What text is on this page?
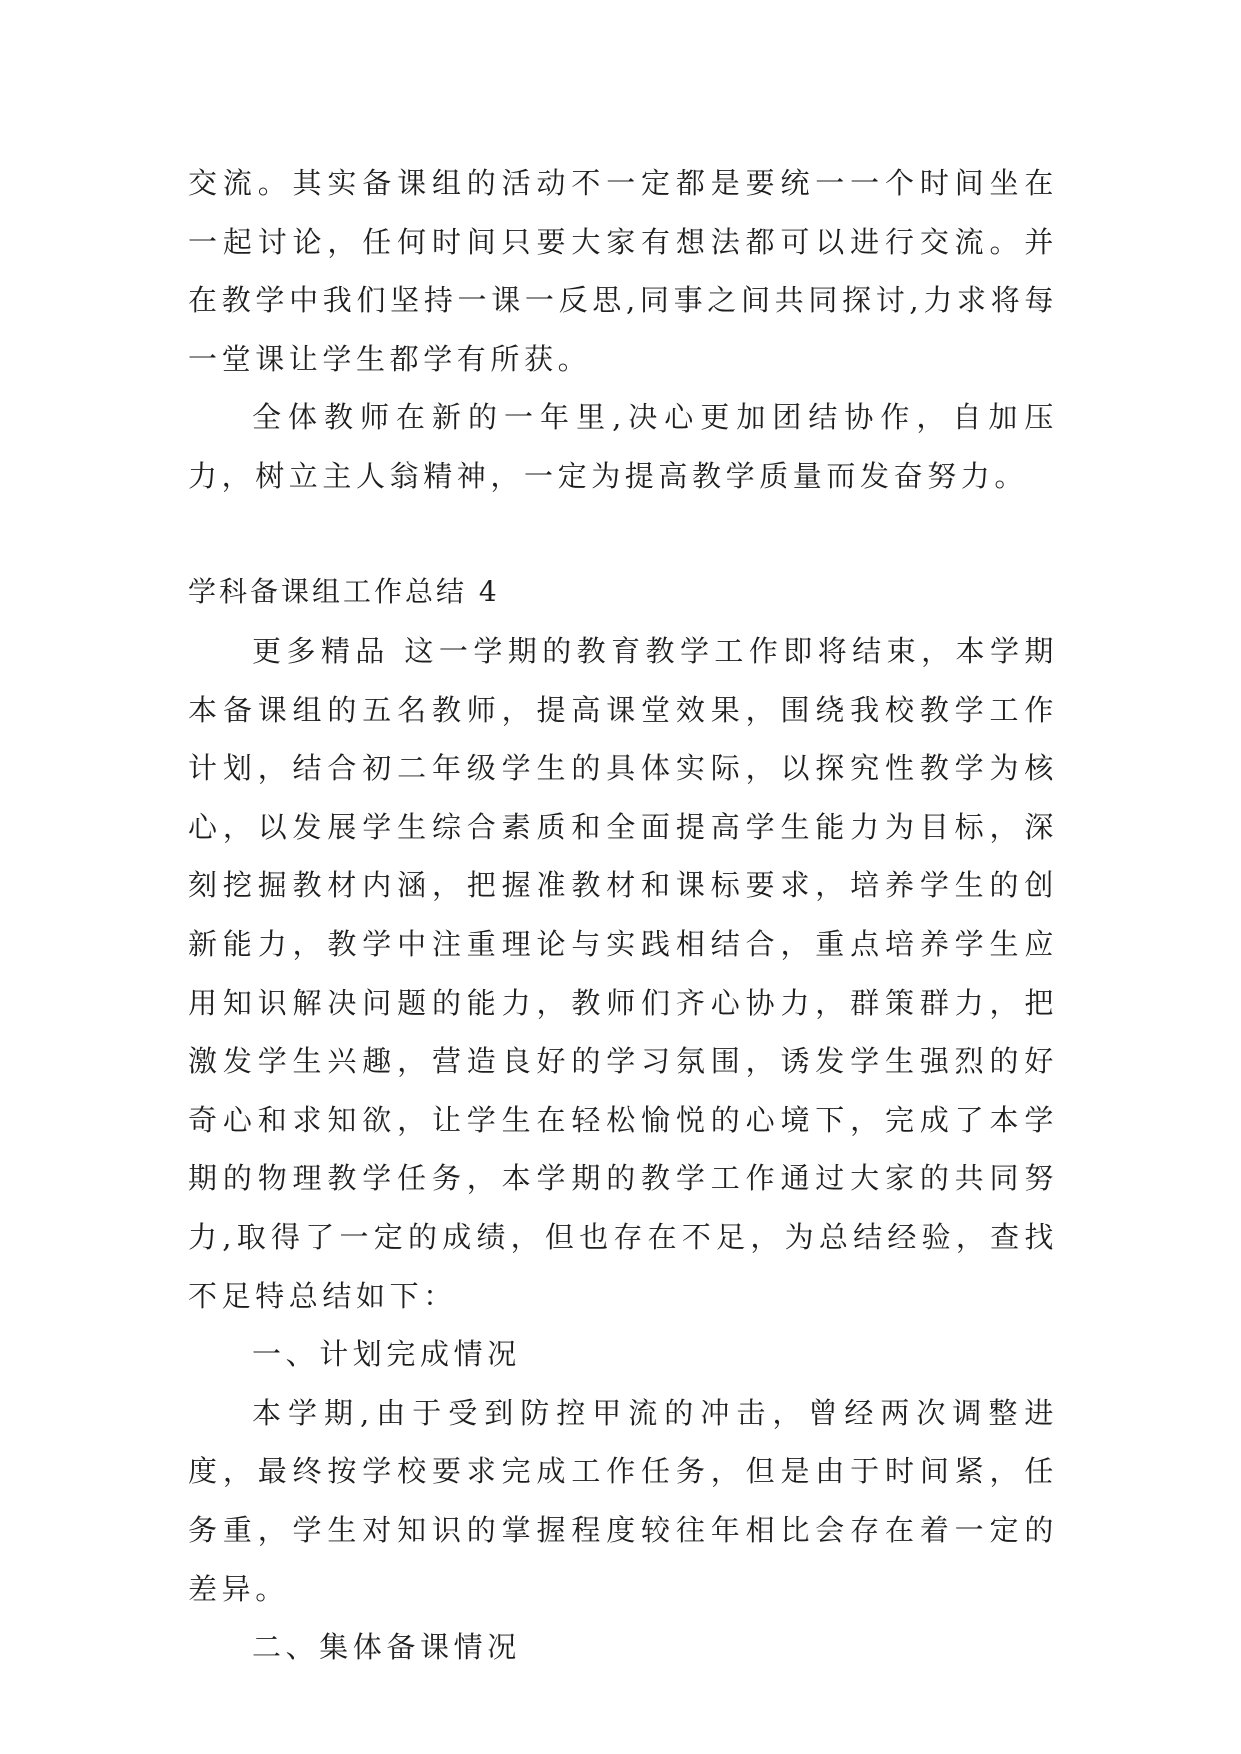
交流。其实备课组的活动不一定都是要统一一个时间坐在一起讨论，任何时间只要大家有想法都可以进行交流。并在教学中我们坚持一课一反思,同事之间共同探讨,力求将每一堂课让学生都学有所获。

全体教师在新的一年里,决心更加团结协作，自加压力，树立主人翁精神，一定为提高教学质量而发奋努力。

学科备课组工作总结 4

更多精品 这一学期的教育教学工作即将结束，本学期本备课组的五名教师，提高课堂效果，围绕我校教学工作计划，结合初二年级学生的具体实际，以探究性教学为核心，以发展学生综合素质和全面提高学生能力为目标，深刻挖掘教材内涵，把握准教材和课标要求，培养学生的创新能力，教学中注重理论与实践相结合，重点培养学生应用知识解决问题的能力，教师们齐心协力，群策群力，把激发学生兴趣，营造良好的学习氛围，诱发学生强烈的好奇心和求知欲，让学生在轻松愉悦的心境下，完成了本学期的物理教学任务，本学期的教学工作通过大家的共同努力,取得了一定的成绩，但也存在不足，为总结经验，查找不足特总结如下：

一、计划完成情况

本学期,由于受到防控甲流的冲击，曾经两次调整进度，最终按学校要求完成工作任务，但是由于时间紧，任务重，学生对知识的掌握程度较往年相比会存在着一定的差异。

二、集体备课情况
